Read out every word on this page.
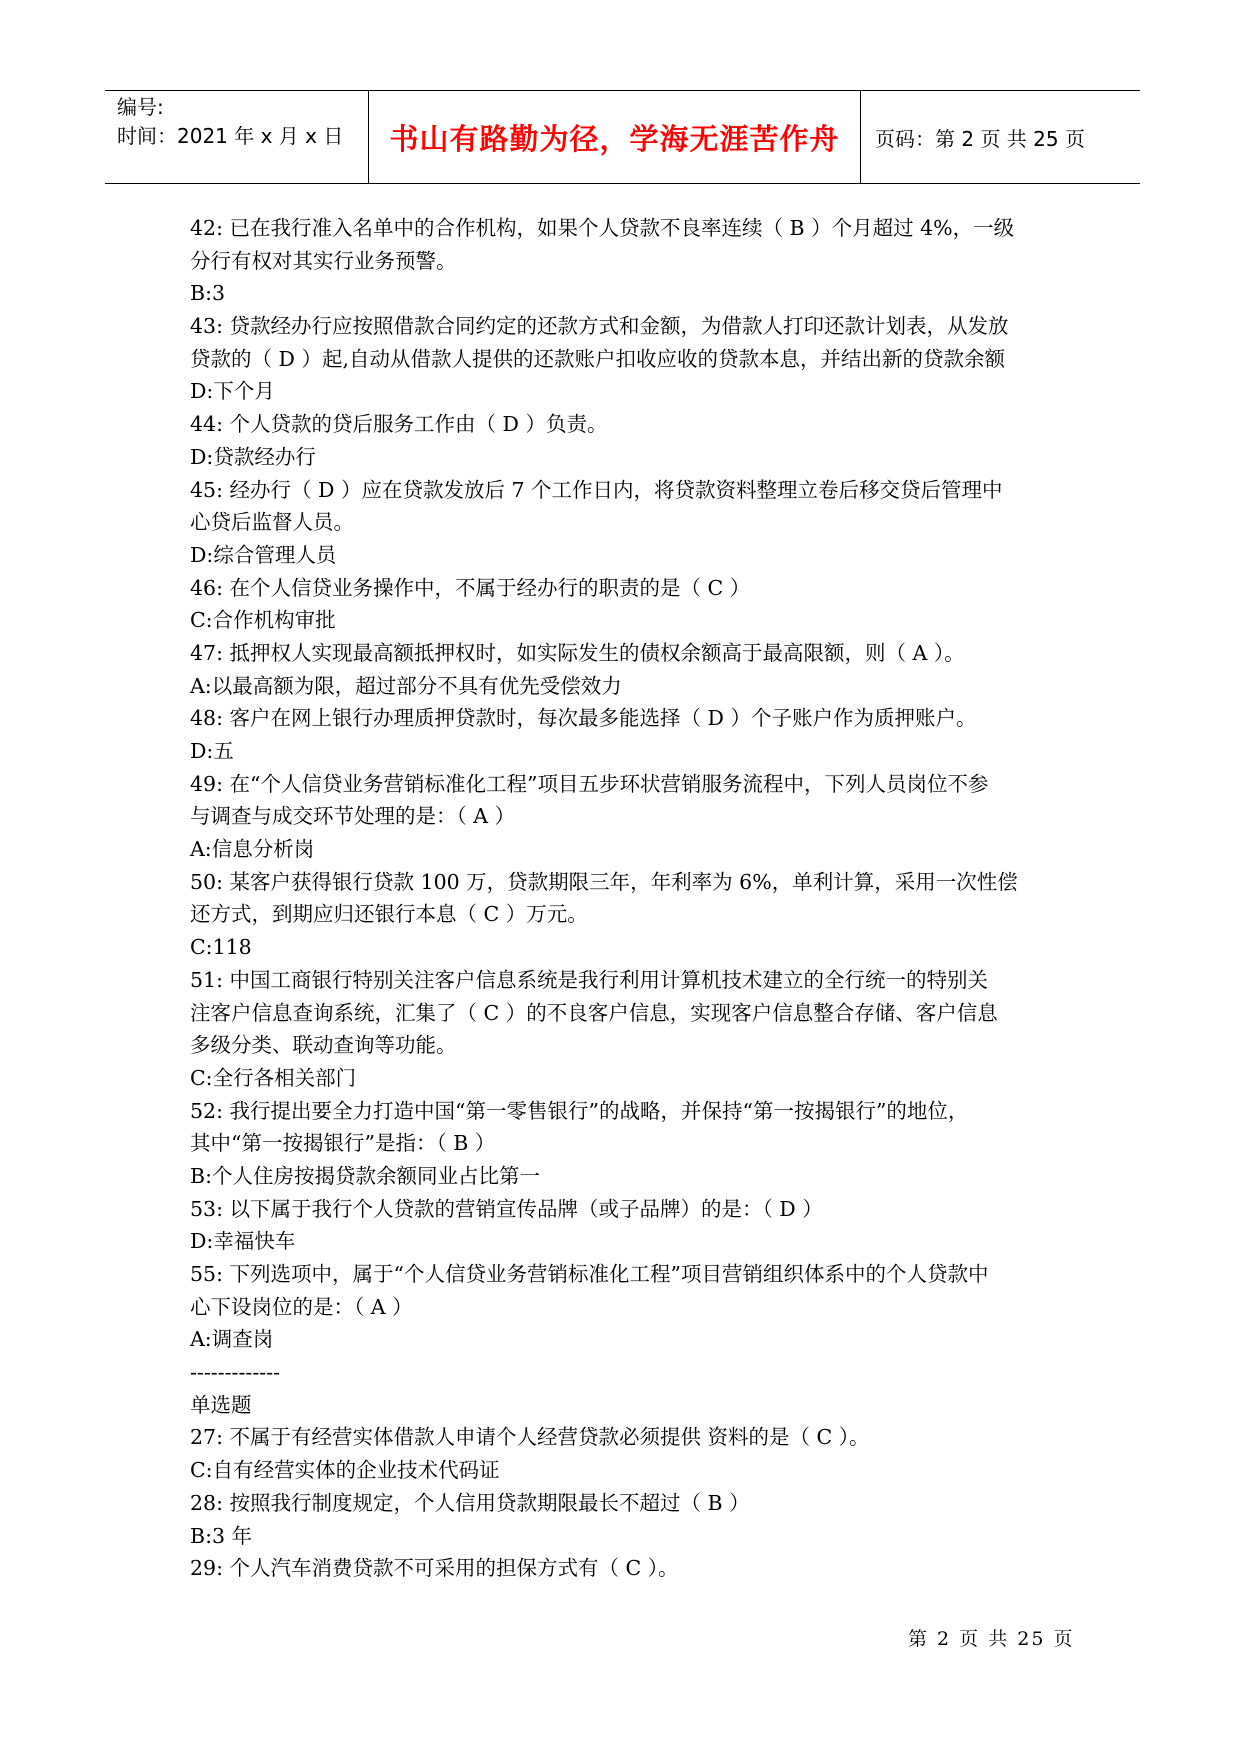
编号:
时间：2021 年 x 月 x 日	书山有路勤为径，学海无涯苦作舟	页码：第 2 页 共 25 页
42: 已在我行准入名单中的合作机构，如果个人贷款不良率连续（ B ）个月超过 4%，一级
分行有权对其实行业务预警。
B:3
43: 贷款经办行应按照借款合同约定的还款方式和金额，为借款人打印还款计划表，从发放
贷款的（ D ）起,自动从借款人提供的还款账户扣收应收的贷款本息，并结出新的贷款余额
D:下个月
44: 个人贷款的贷后服务工作由（ D ）负责。
D:贷款经办行
45: 经办行（ D ）应在贷款发放后 7 个工作日内，将贷款资料整理立卷后移交贷后管理中
心贷后监督人员。
D:综合管理人员
46: 在个人信贷业务操作中，不属于经办行的职责的是（ C ）
C:合作机构审批
47: 抵押权人实现最高额抵押权时，如实际发生的债权余额高于最高限额，则（ A ）。
A:以最高额为限，超过部分不具有优先受偿效力
48: 客户在网上银行办理质押贷款时，每次最多能选择（ D ）个子账户作为质押账户。
D:五
49: 在“个人信贷业务营销标准化工程”项目五步环状营销服务流程中，下列人员岗位不参
与调查与成交环节处理的是：（ A ）
A:信息分析岗
50: 某客户获得银行贷款 100 万，贷款期限三年，年利率为 6%，单利计算，采用一次性偿
还方式，到期应归还银行本息（ C ）万元。
C:118
51: 中国工商银行特别关注客户信息系统是我行利用计算机技术建立的全行统一的特别关
注客户信息查询系统，汇集了（ C ）的不良客户信息，实现客户信息整合存储、客户信息
多级分类、联动查询等功能。
C:全行各相关部门
52: 我行提出要全力打造中国“第一零售银行”的战略，并保持“第一按揭银行”的地位，
其中“第一按揭银行”是指：（ B ）
B:个人住房按揭贷款余额同业占比第一
53: 以下属于我行个人贷款的营销宣传品牌（或子品牌）的是：（ D ）
D:幸福快车
55: 下列选项中，属于“个人信贷业务营销标准化工程”项目营销组织体系中的个人贷款中
心下设岗位的是：（ A ）
A:调查岗
-------------
单选题
27: 不属于有经营实体借款人申请个人经营贷款必须提供 资料的是（ C ）。
C:自有经营实体的企业技术代码证
28: 按照我行制度规定，个人信用贷款期限最长不超过（ B ）
B:3 年
29: 个人汽车消费贷款不可采用的担保方式有（ C ）。
第 2 页 共 25 页
